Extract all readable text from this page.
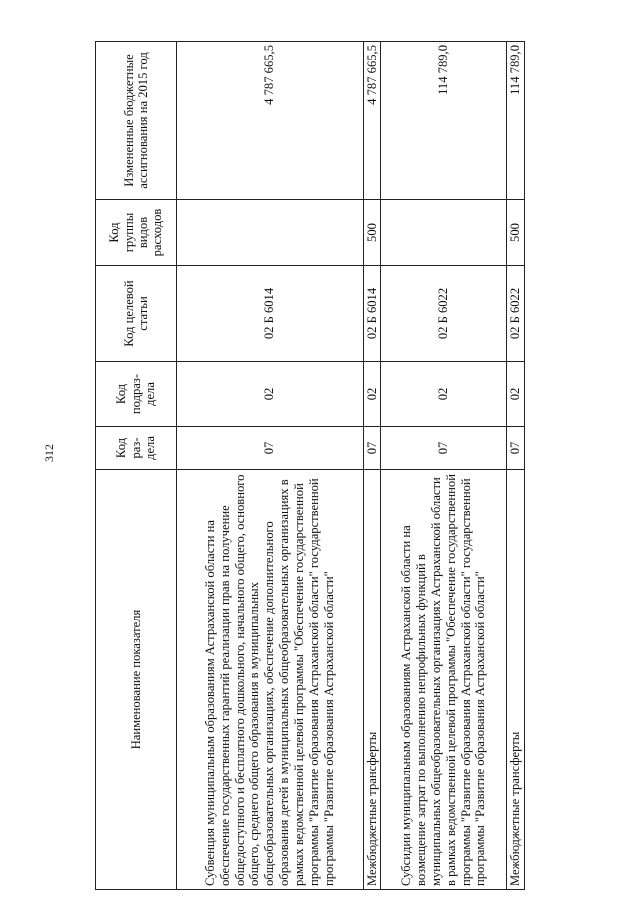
312
Наименование показателя	Код раз-дела	Код подраз-дела	Код целевой статьи	Код группы видов расходов	Измененные бюджетные ассигнования на 2015 год
Субвенция муниципальным образованиям Астраханской области на обеспечение государственных гарантий реализации прав на получение общедоступного и бесплатного дошкольного, начального общего, основного общего, среднего общего образования в муниципальных общеобразовательных организациях, обеспечение дополнительного образования детей в муниципальных общеобразовательных организациях в рамках ведомственной целевой программы "Обеспечение государственной программы "Развитие образования Астраханской области" государственной программы "Развитие образования Астраханской области"	07	02	02 Б 6014		4 787 665,5
Межбюджетные трансферты	07	02	02 Б 6014	500	4 787 665,5
Субсидии муниципальным образованиям Астраханской области на возмещение затрат по выполнению непрофильных функций в муниципальных общеобразовательных организациях Астраханской области в рамках ведомственной целевой программы "Обеспечение государственной программы "Развитие образования Астраханской области" государственной программы "Развитие образования Астраханской области"	07	02	02 Б 6022		114 789,0
Межбюджетные трансферты	07	02	02 Б 6022	500	114 789,0
